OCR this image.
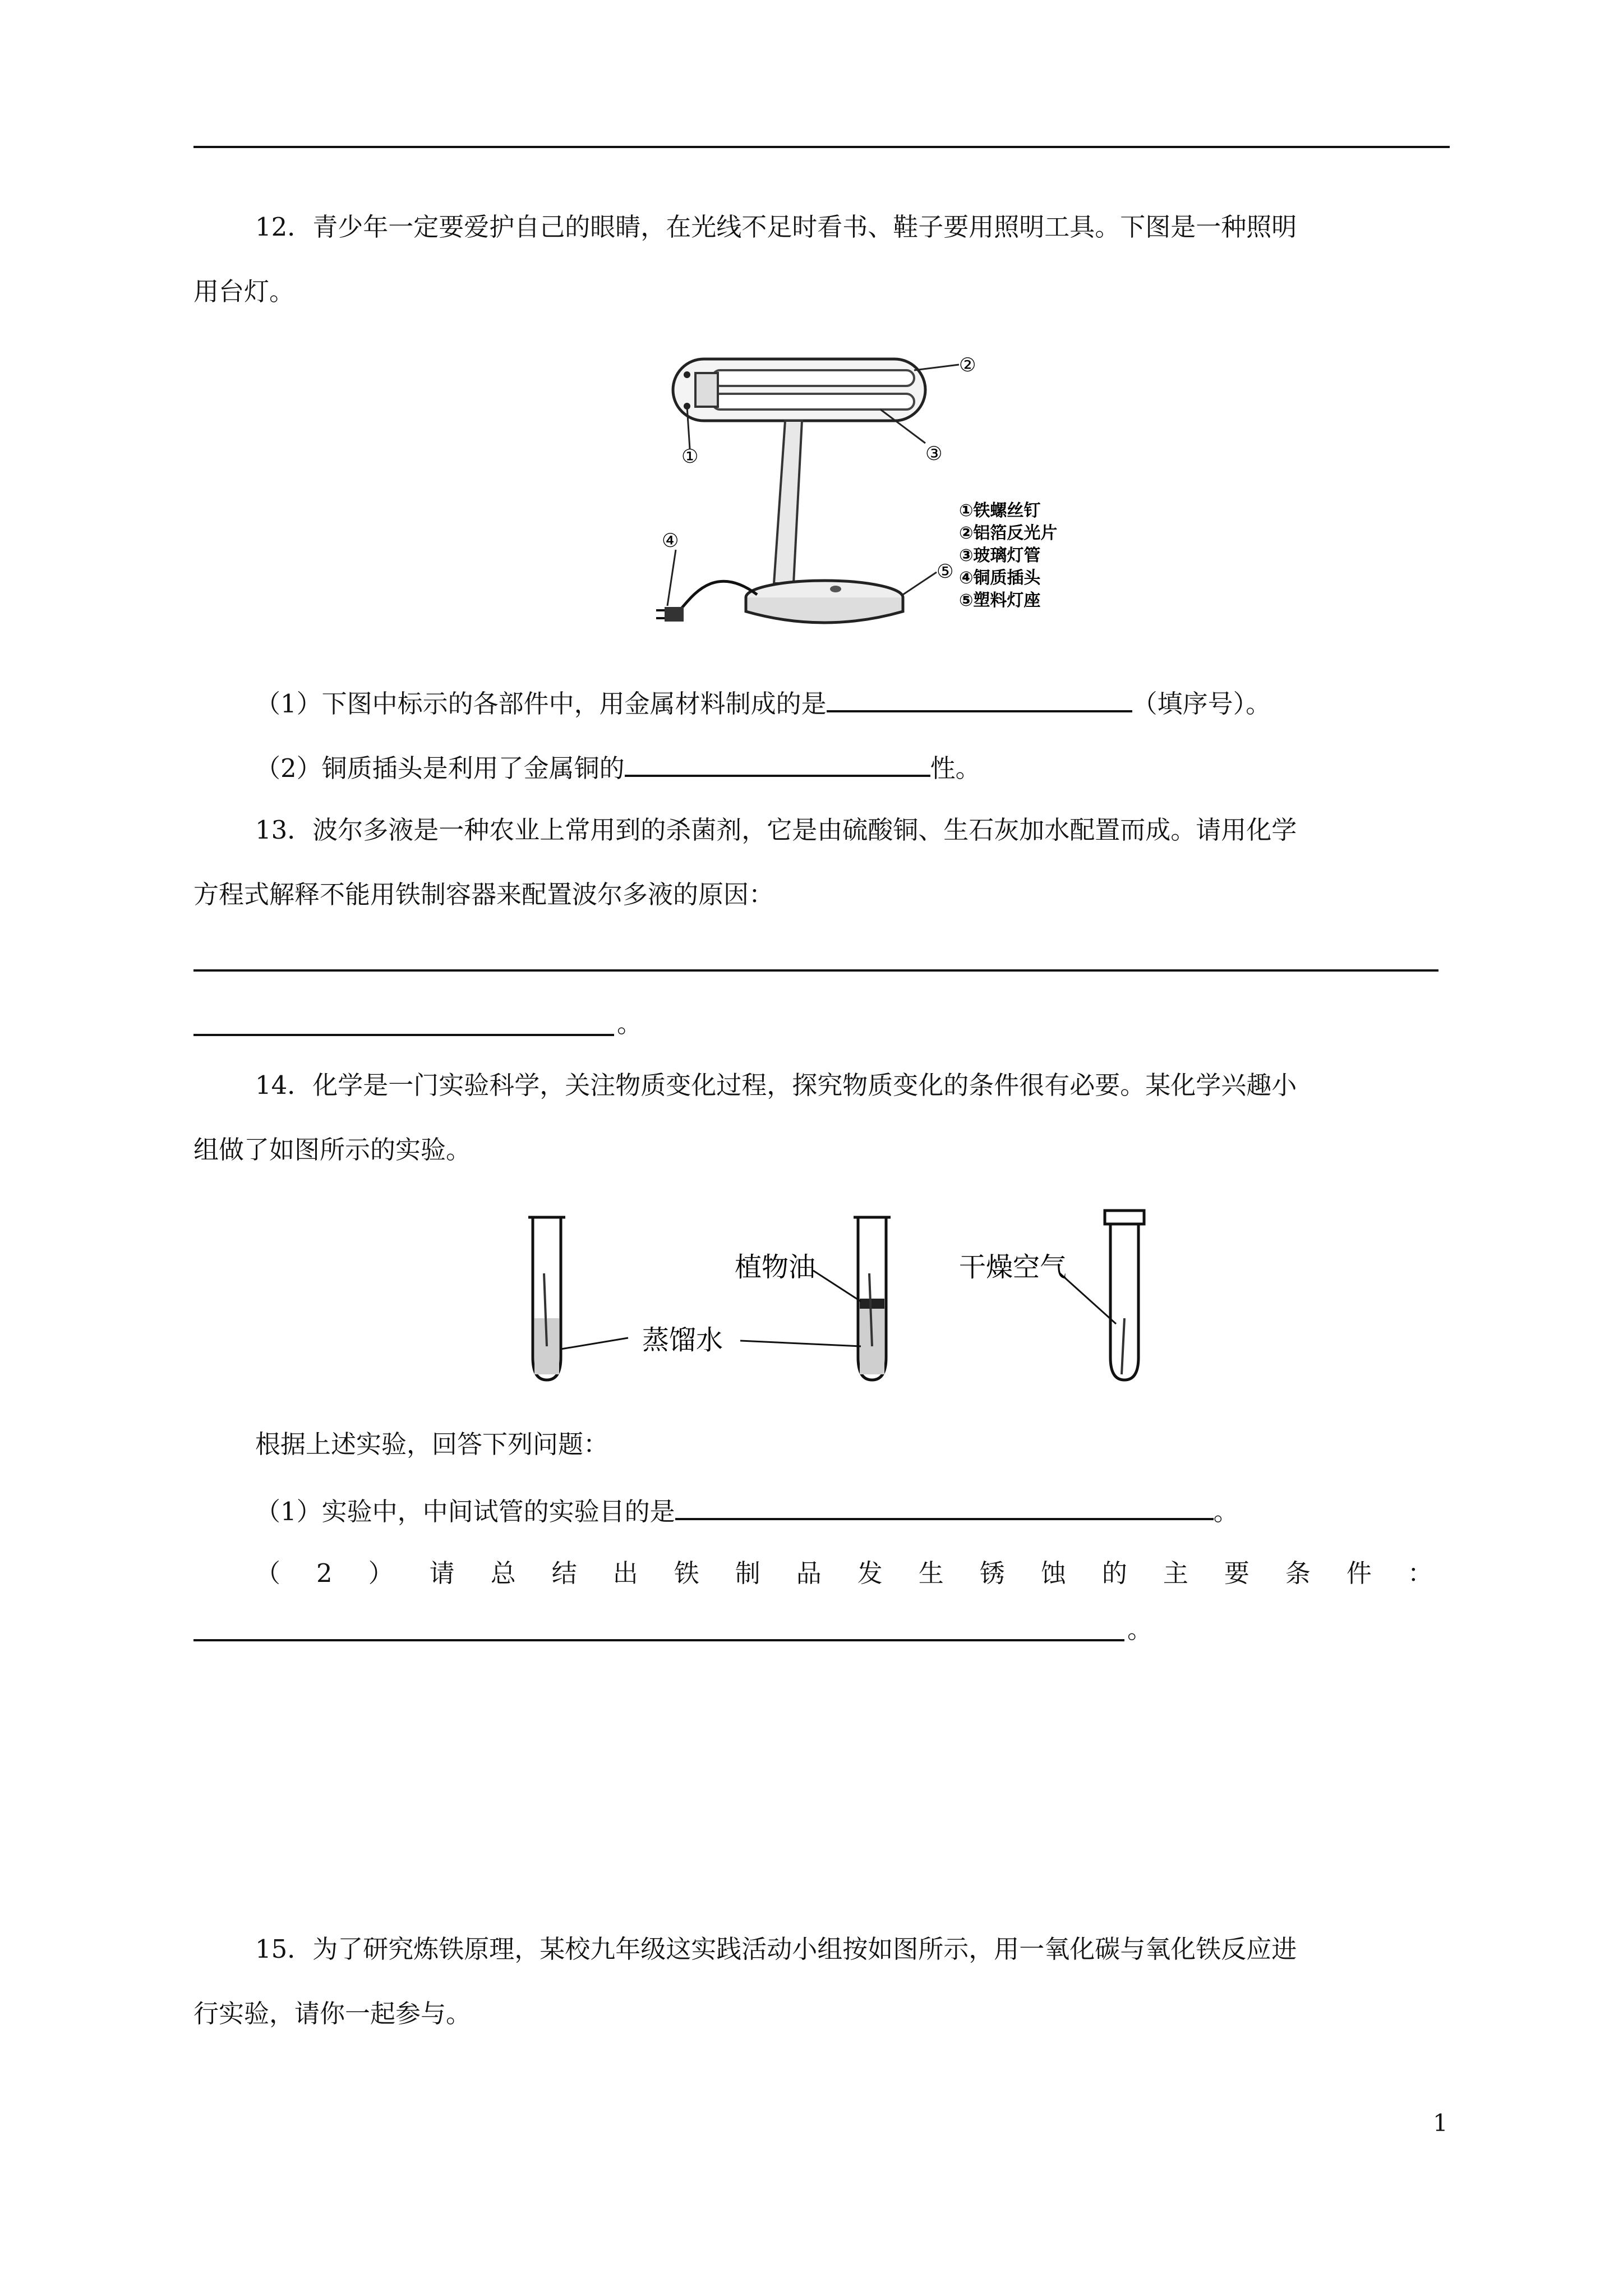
12．青少年一定要爱护自己的眼睛，在光线不足时看书、鞋子要用照明工具。下图是一种照明
用台灯。
①
②
③
④
⑤
①铁螺丝钉
②铝箔反光片
③玻璃灯管
④铜质插头
⑤塑料灯座
（1）下图中标示的各部件中，用金属材料制成的是	（填序号）。
（2）铜质插头是利用了金属铜的	性。
13．波尔多液是一种农业上常用到的杀菌剂，它是由硫酸铜、生石灰加水配置而成。请用化学
方程式解释不能用铁制容器来配置波尔多液的原因：
。
14．化学是一门实验科学，关注物质变化过程，探究物质变化的条件很有必要。某化学兴趣小
组做了如图所示的实验。
植物油
蒸馏水
干燥空气
根据上述实验，回答下列问题：
（1）实验中，中间试管的实验目的是	。
（ 2 ） 请 总 结 出 铁 制 品 发 生 锈 蚀 的 主 要 条 件 ：
。
15．为了研究炼铁原理，某校九年级这实践活动小组按如图所示，用一氧化碳与氧化铁反应进
行实验，请你一起参与。
1
